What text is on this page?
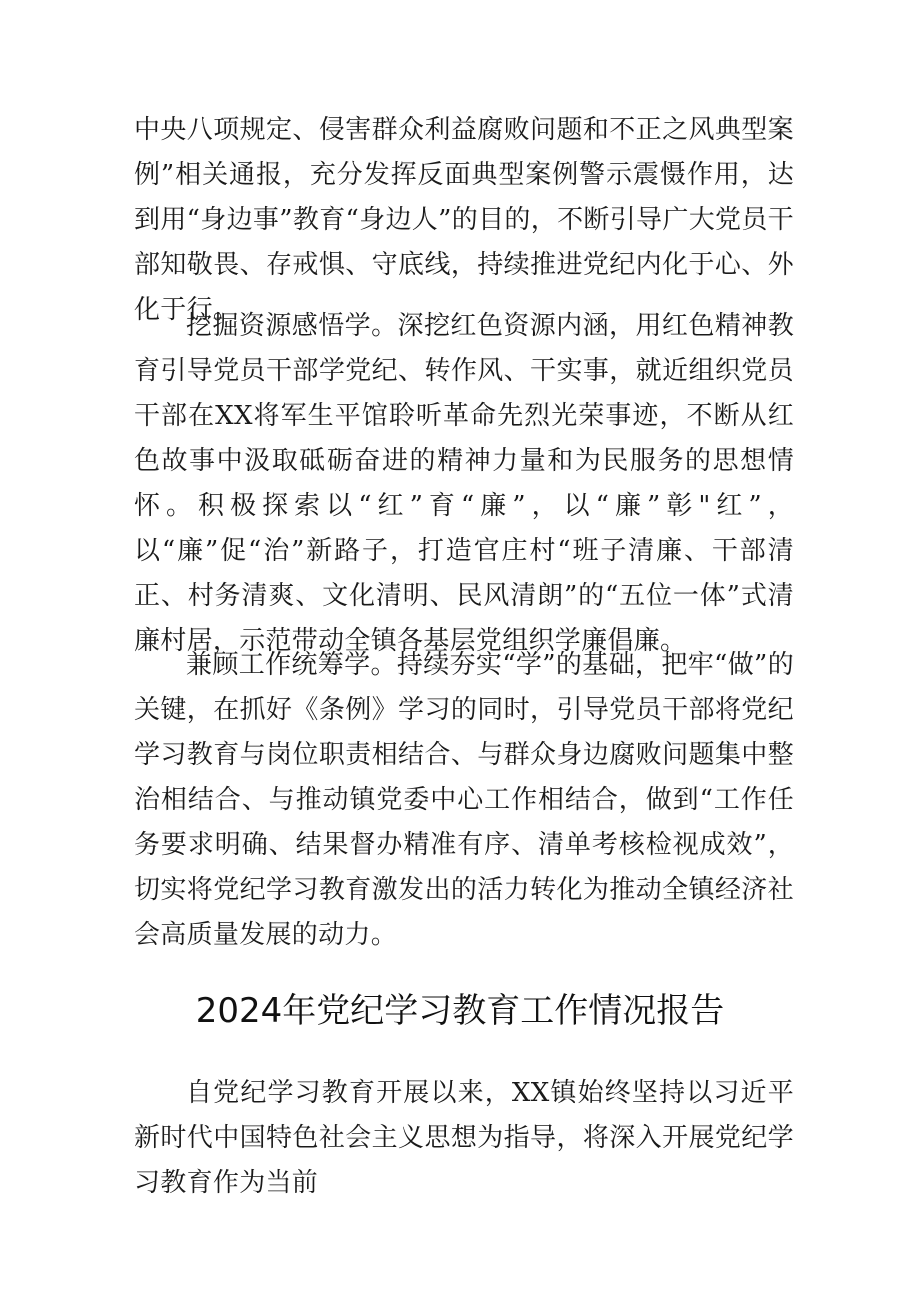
中央八项规定、侵害群众利益腐败问题和不正之风典型案例”相关通报，充分发挥反面典型案例警示震慑作用，达到用“身边事”教育“身边人”的目的，不断引导广大党员干部知敬畏、存戒惧、守底线，持续推进党纪内化于心、外化于行。

挖掘资源感悟学。深挖红色资源内涵，用红色精神教育引导党员干部学党纪、转作风、干实事，就近组织党员干部在XX将军生平馆聆听革命先烈光荣事迹，不断从红色故事中汲取砥砺奋进的精神力量和为民服务的思想情怀。积极探索以“红”育“廉”，以“廉”彰"红”，以“廉”促“治”新路子，打造官庄村“班子清廉、干部清正、村务清爽、文化清明、民风清朗”的“五位一体”式清廉村居，示范带动全镇各基层党组织学廉倡廉。

兼顾工作统筹学。持续夯实“学”的基础，把牢“做”的关键，在抓好《条例》学习的同时，引导党员干部将党纪学习教育与岗位职责相结合、与群众身边腐败问题集中整治相结合、与推动镇党委中心工作相结合，做到“工作任务要求明确、结果督办精准有序、清单考核检视成效”，切实将党纪学习教育激发出的活力转化为推动全镇经济社会高质量发展的动力。

2024年党纪学习教育工作情况报告

自党纪学习教育开展以来，XX镇始终坚持以习近平新时代中国特色社会主义思想为指导，将深入开展党纪学习教育作为当前
